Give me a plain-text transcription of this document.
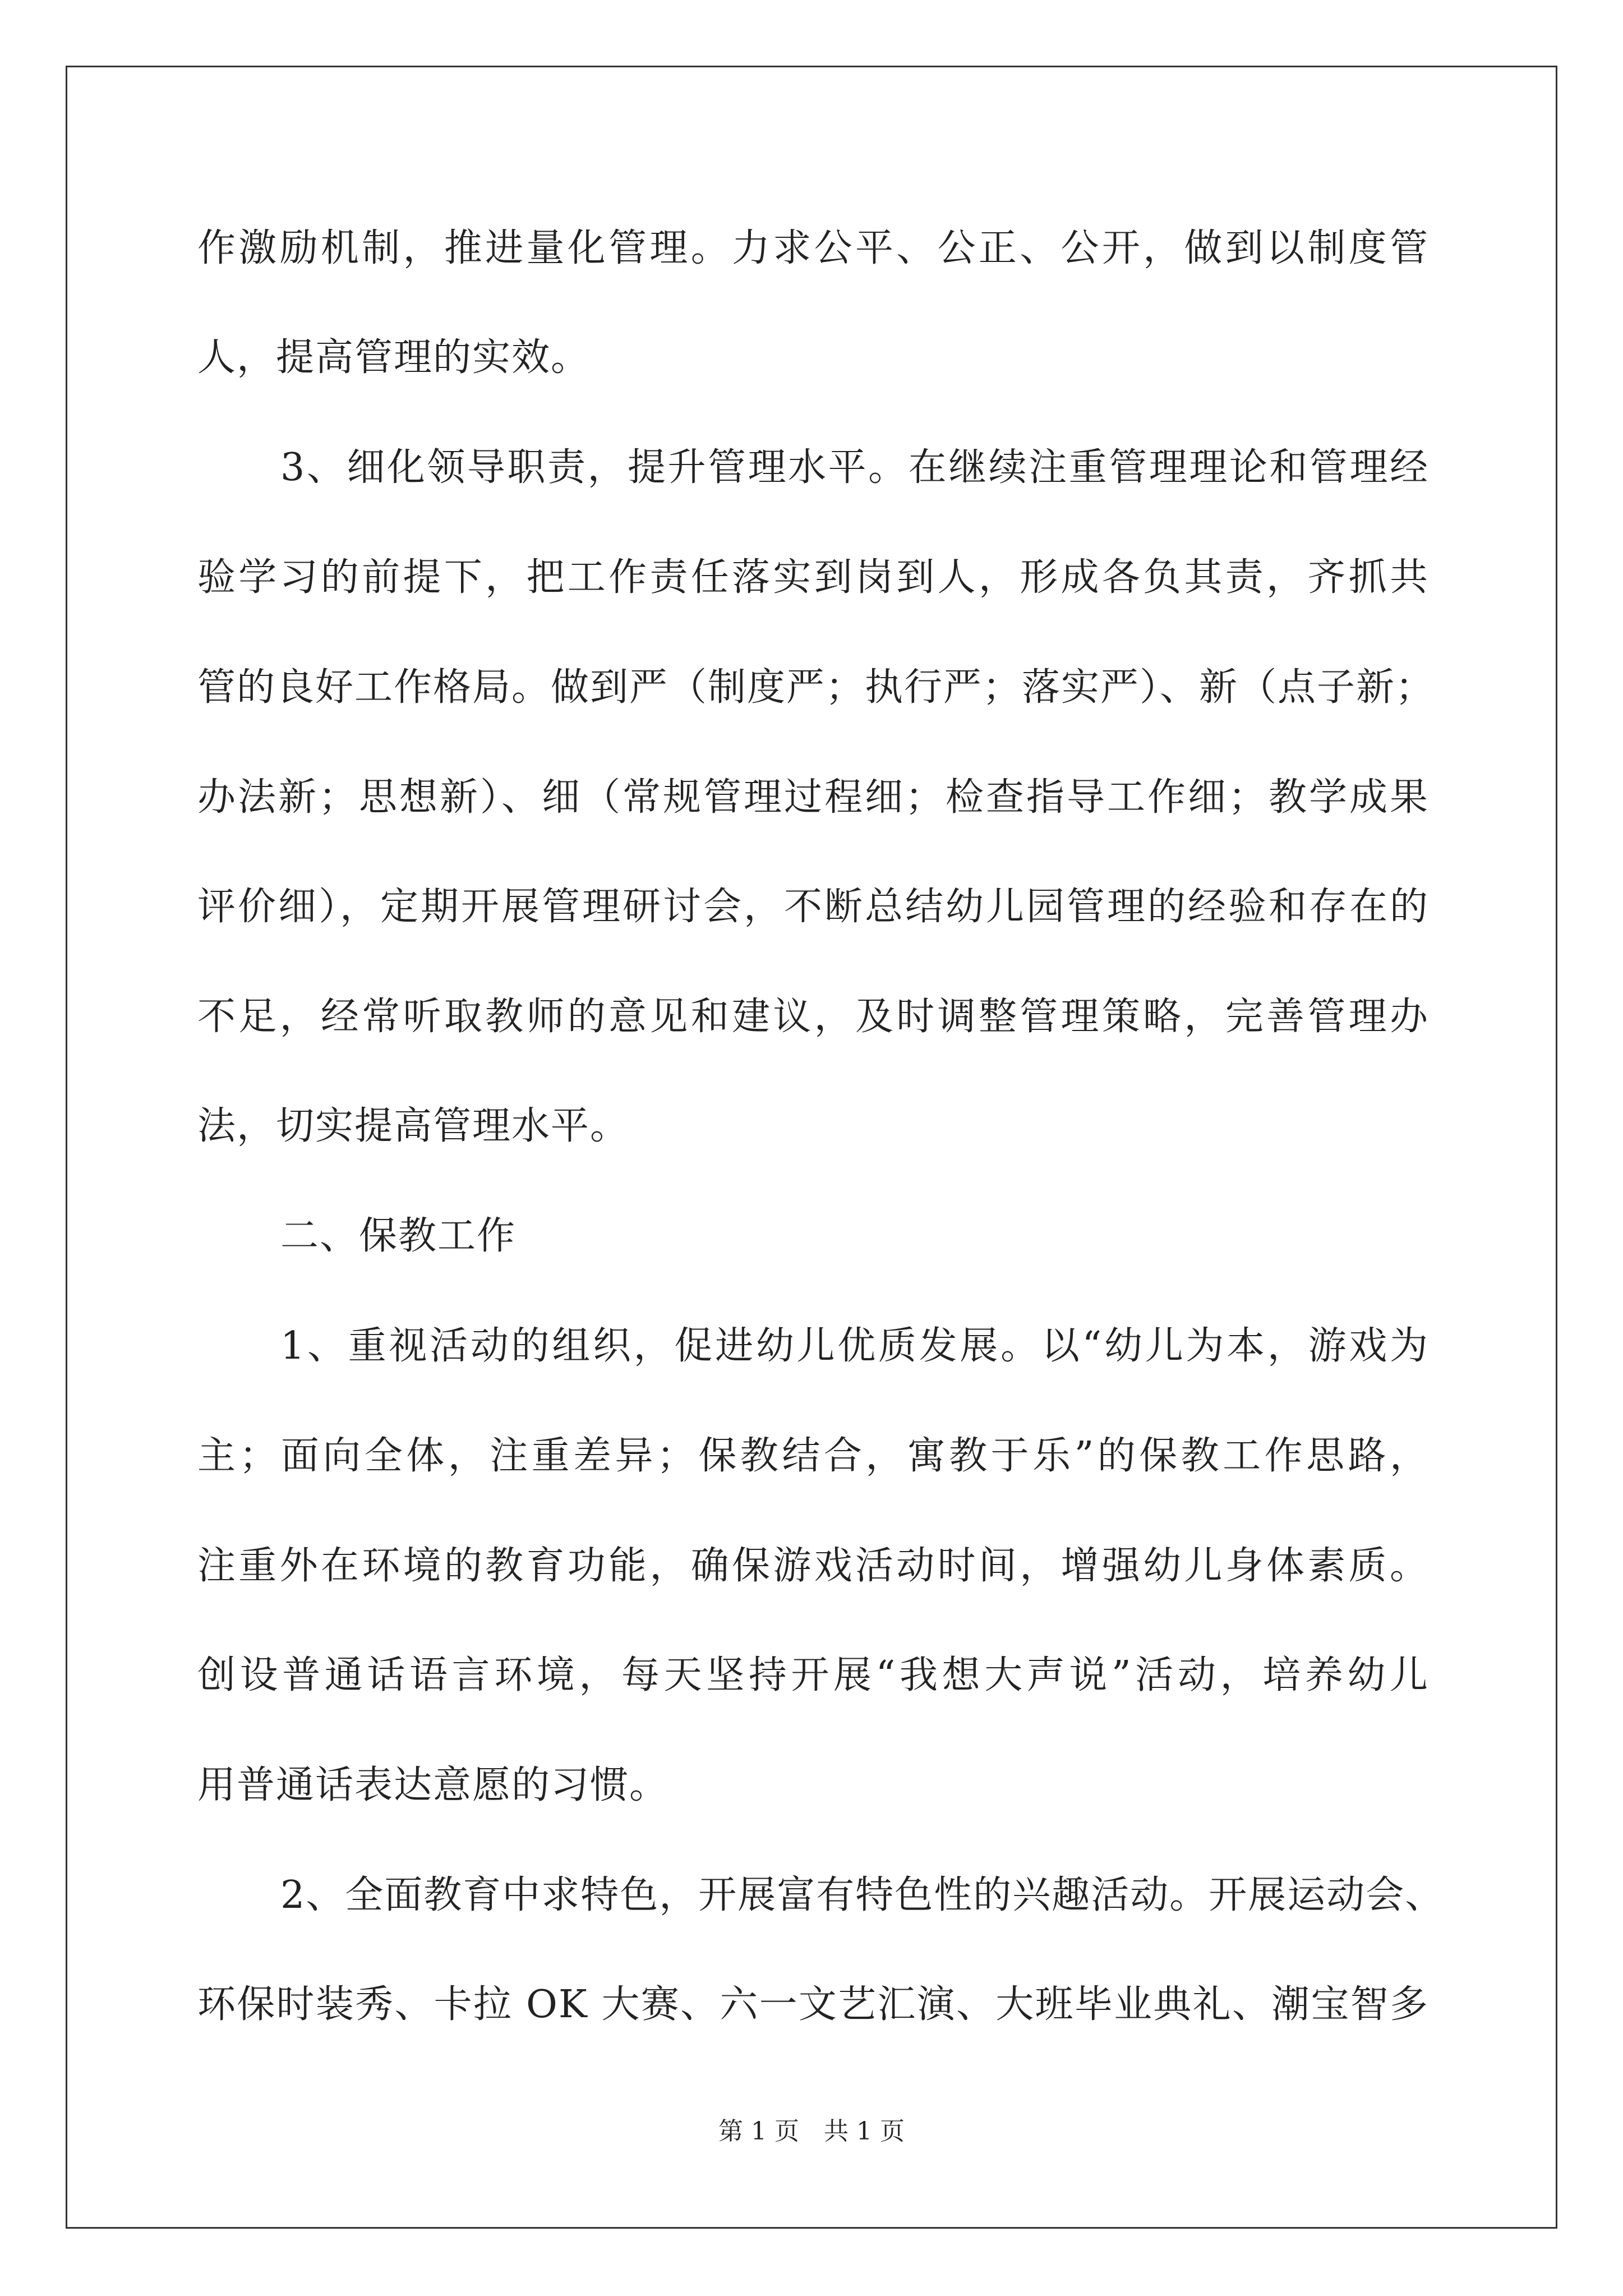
作激励机制，推进量化管理。力求公平、公正、公开，做到以制度管
人，提高管理的实效。
3、细化领导职责，提升管理水平。在继续注重管理理论和管理经
验学习的前提下，把工作责任落实到岗到人，形成各负其责，齐抓共
管的良好工作格局。做到严（制度严；执行严；落实严）、新（点子新；
办法新；思想新）、细（常规管理过程细；检查指导工作细；教学成果
评价细），定期开展管理研讨会，不断总结幼儿园管理的经验和存在的
不足，经常听取教师的意见和建议，及时调整管理策略，完善管理办
法，切实提高管理水平。
二、保教工作
1、重视活动的组织，促进幼儿优质发展。以“幼儿为本，游戏为
主；面向全体，注重差异；保教结合，寓教于乐”的保教工作思路，
注重外在环境的教育功能，确保游戏活动时间，增强幼儿身体素质。
创设普通话语言环境，每天坚持开展“我想大声说”活动，培养幼儿
用普通话表达意愿的习惯。
2、全面教育中求特色，开展富有特色性的兴趣活动。开展运动会、
环保时装秀、卡拉 OK 大赛、六一文艺汇演、大班毕业典礼、潮宝智多
第 1 页　共 1 页
